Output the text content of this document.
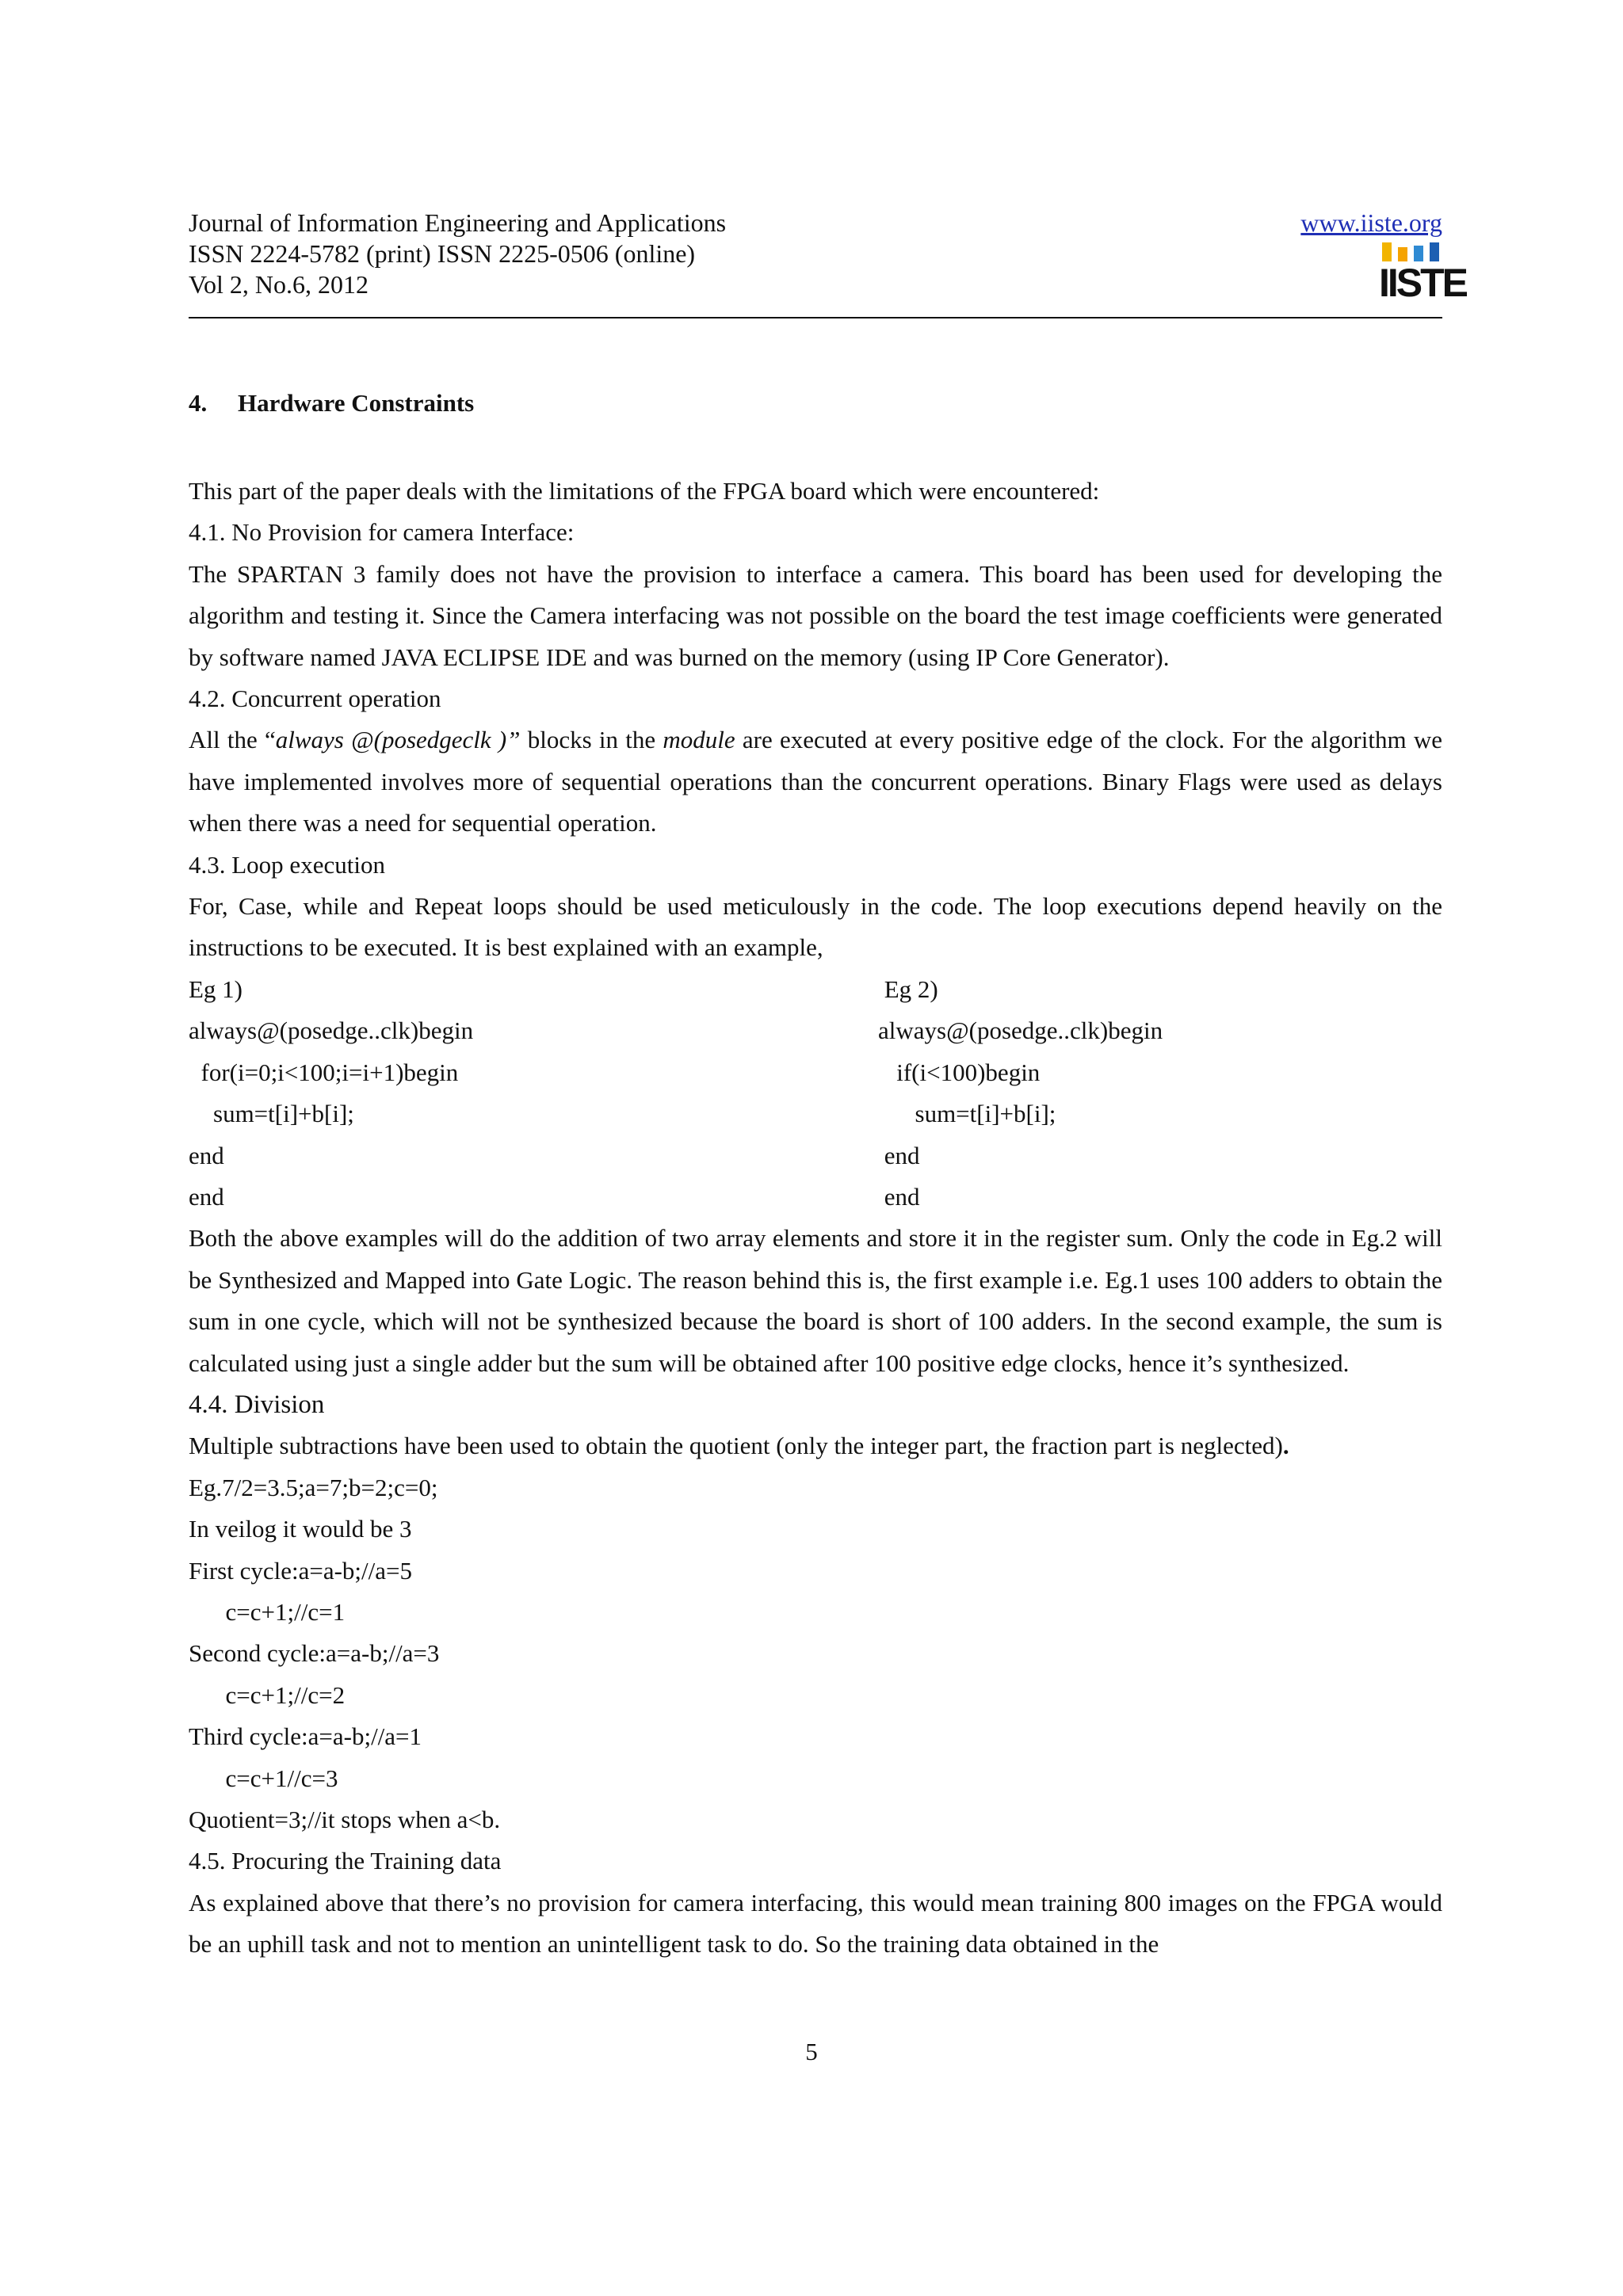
Journal of Information Engineering and Applications
ISSN 2224-5782 (print) ISSN 2225-0506 (online)
Vol 2, No.6, 2012
www.iiste.org
IISTE
4. Hardware Constraints

This part of the paper deals with the limitations of the FPGA board which were encountered:

4.1. No Provision for camera Interface:

The SPARTAN 3 family does not have the provision to interface a camera. This board has been used for developing the algorithm and testing it. Since the Camera interfacing was not possible on the board the test image coefficients were generated by software named JAVA ECLIPSE IDE and was burned on the memory (using IP Core Generator).

4.2. Concurrent operation

All the “always @(posedgeclk )” blocks in the module are executed at every positive edge of the clock. For the algorithm we have implemented involves more of sequential operations than the concurrent operations. Binary Flags were used as delays when there was a need for sequential operation.

4.3. Loop execution

For, Case, while and Repeat loops should be used meticulously in the code. The loop executions depend heavily on the instructions to be executed. It is best explained with an example,

Eg 1)	Eg 2)
always@(posedge..clk)begin	always@(posedge..clk)begin
for(i=0;i<100;i=i+1)begin	if(i<100)begin
sum=t[i]+b[i];	sum=t[i]+b[i];
end	end
end	end

Both the above examples will do the addition of two array elements and store it in the register sum. Only the code in Eg.2 will be Synthesized and Mapped into Gate Logic. The reason behind this is, the first example i.e. Eg.1 uses 100 adders to obtain the sum in one cycle, which will not be synthesized because the board is short of 100 adders. In the second example, the sum is calculated using just a single adder but the sum will be obtained after 100 positive edge clocks, hence it’s synthesized.

4.4. Division

Multiple subtractions have been used to obtain the quotient (only the integer part, the fraction part is neglected).

Eg.7/2=3.5;a=7;b=2;c=0;
In veilog it would be 3
First cycle:a=a-b;//a=5
c=c+1;//c=1
Second cycle:a=a-b;//a=3
c=c+1;//c=2
Third cycle:a=a-b;//a=1
c=c+1//c=3
Quotient=3;//it stops when a<b.

4.5. Procuring the Training data

As explained above that there’s no provision for camera interfacing, this would mean training 800 images on the FPGA would be an uphill task and not to mention an unintelligent task to do. So the training data obtained in the

5
